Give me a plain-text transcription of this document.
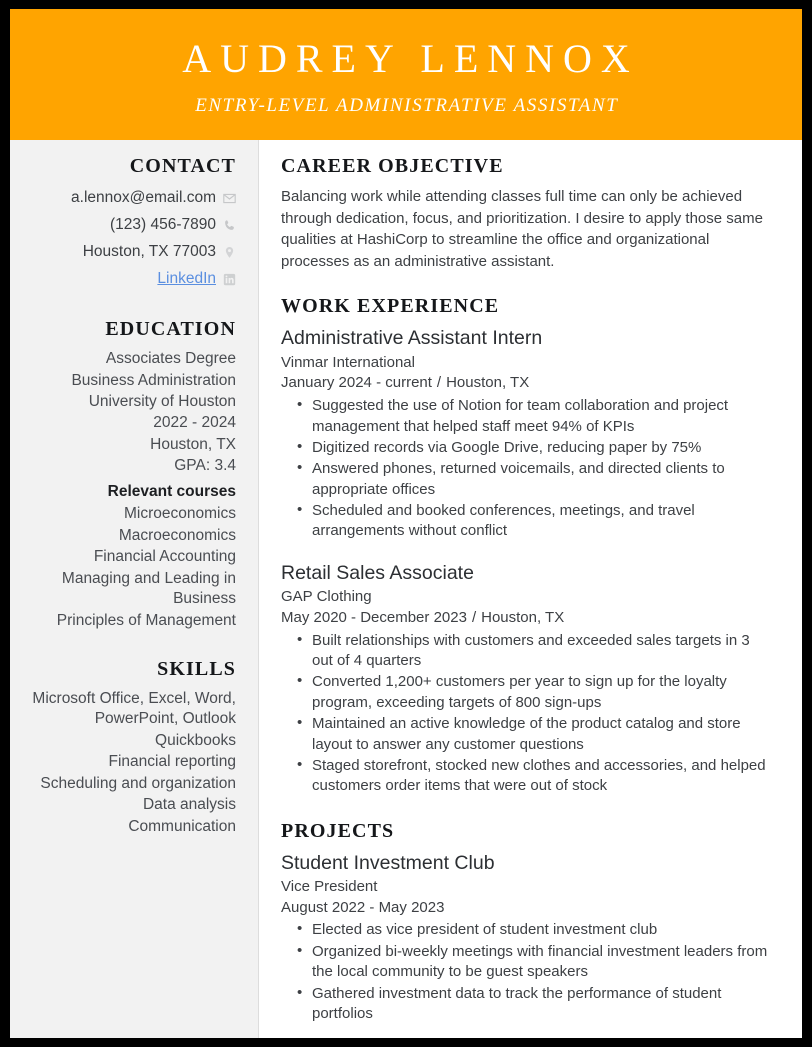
AUDREY LENNOX
ENTRY-LEVEL ADMINISTRATIVE ASSISTANT
CONTACT
a.lennox@email.com
(123) 456-7890
Houston, TX 77003
LinkedIn
EDUCATION
Associates Degree
Business Administration
University of Houston
2022 - 2024
Houston, TX
GPA: 3.4
Relevant courses
Microeconomics
Macroeconomics
Financial Accounting
Managing and Leading in Business
Principles of Management
SKILLS
Microsoft Office, Excel, Word, PowerPoint, Outlook
Quickbooks
Financial reporting
Scheduling and organization
Data analysis
Communication
CAREER OBJECTIVE

Balancing work while attending classes full time can only be achieved through dedication, focus, and prioritization. I desire to apply those same qualities at HashiCorp to streamline the office and organizational processes as an administrative assistant.

WORK EXPERIENCE
Administrative Assistant Intern
Vinmar International
January 2024 - current / Houston, TX
• Suggested the use of Notion for team collaboration and project management that helped staff meet 94% of KPIs
• Digitized records via Google Drive, reducing paper by 75%
• Answered phones, returned voicemails, and directed clients to appropriate offices
• Scheduled and booked conferences, meetings, and travel arrangements without conflict
Retail Sales Associate
GAP Clothing
May 2020 - December 2023 / Houston, TX
• Built relationships with customers and exceeded sales targets in 3 out of 4 quarters
• Converted 1,200+ customers per year to sign up for the loyalty program, exceeding targets of 800 sign-ups
• Maintained an active knowledge of the product catalog and store layout to answer any customer questions
• Staged storefront, stocked new clothes and accessories, and helped customers order items that were out of stock
PROJECTS
Student Investment Club
Vice President
August 2022 - May 2023
• Elected as vice president of student investment club
• Organized bi-weekly meetings with financial investment leaders from the local community to be guest speakers
• Gathered investment data to track the performance of student portfolios
